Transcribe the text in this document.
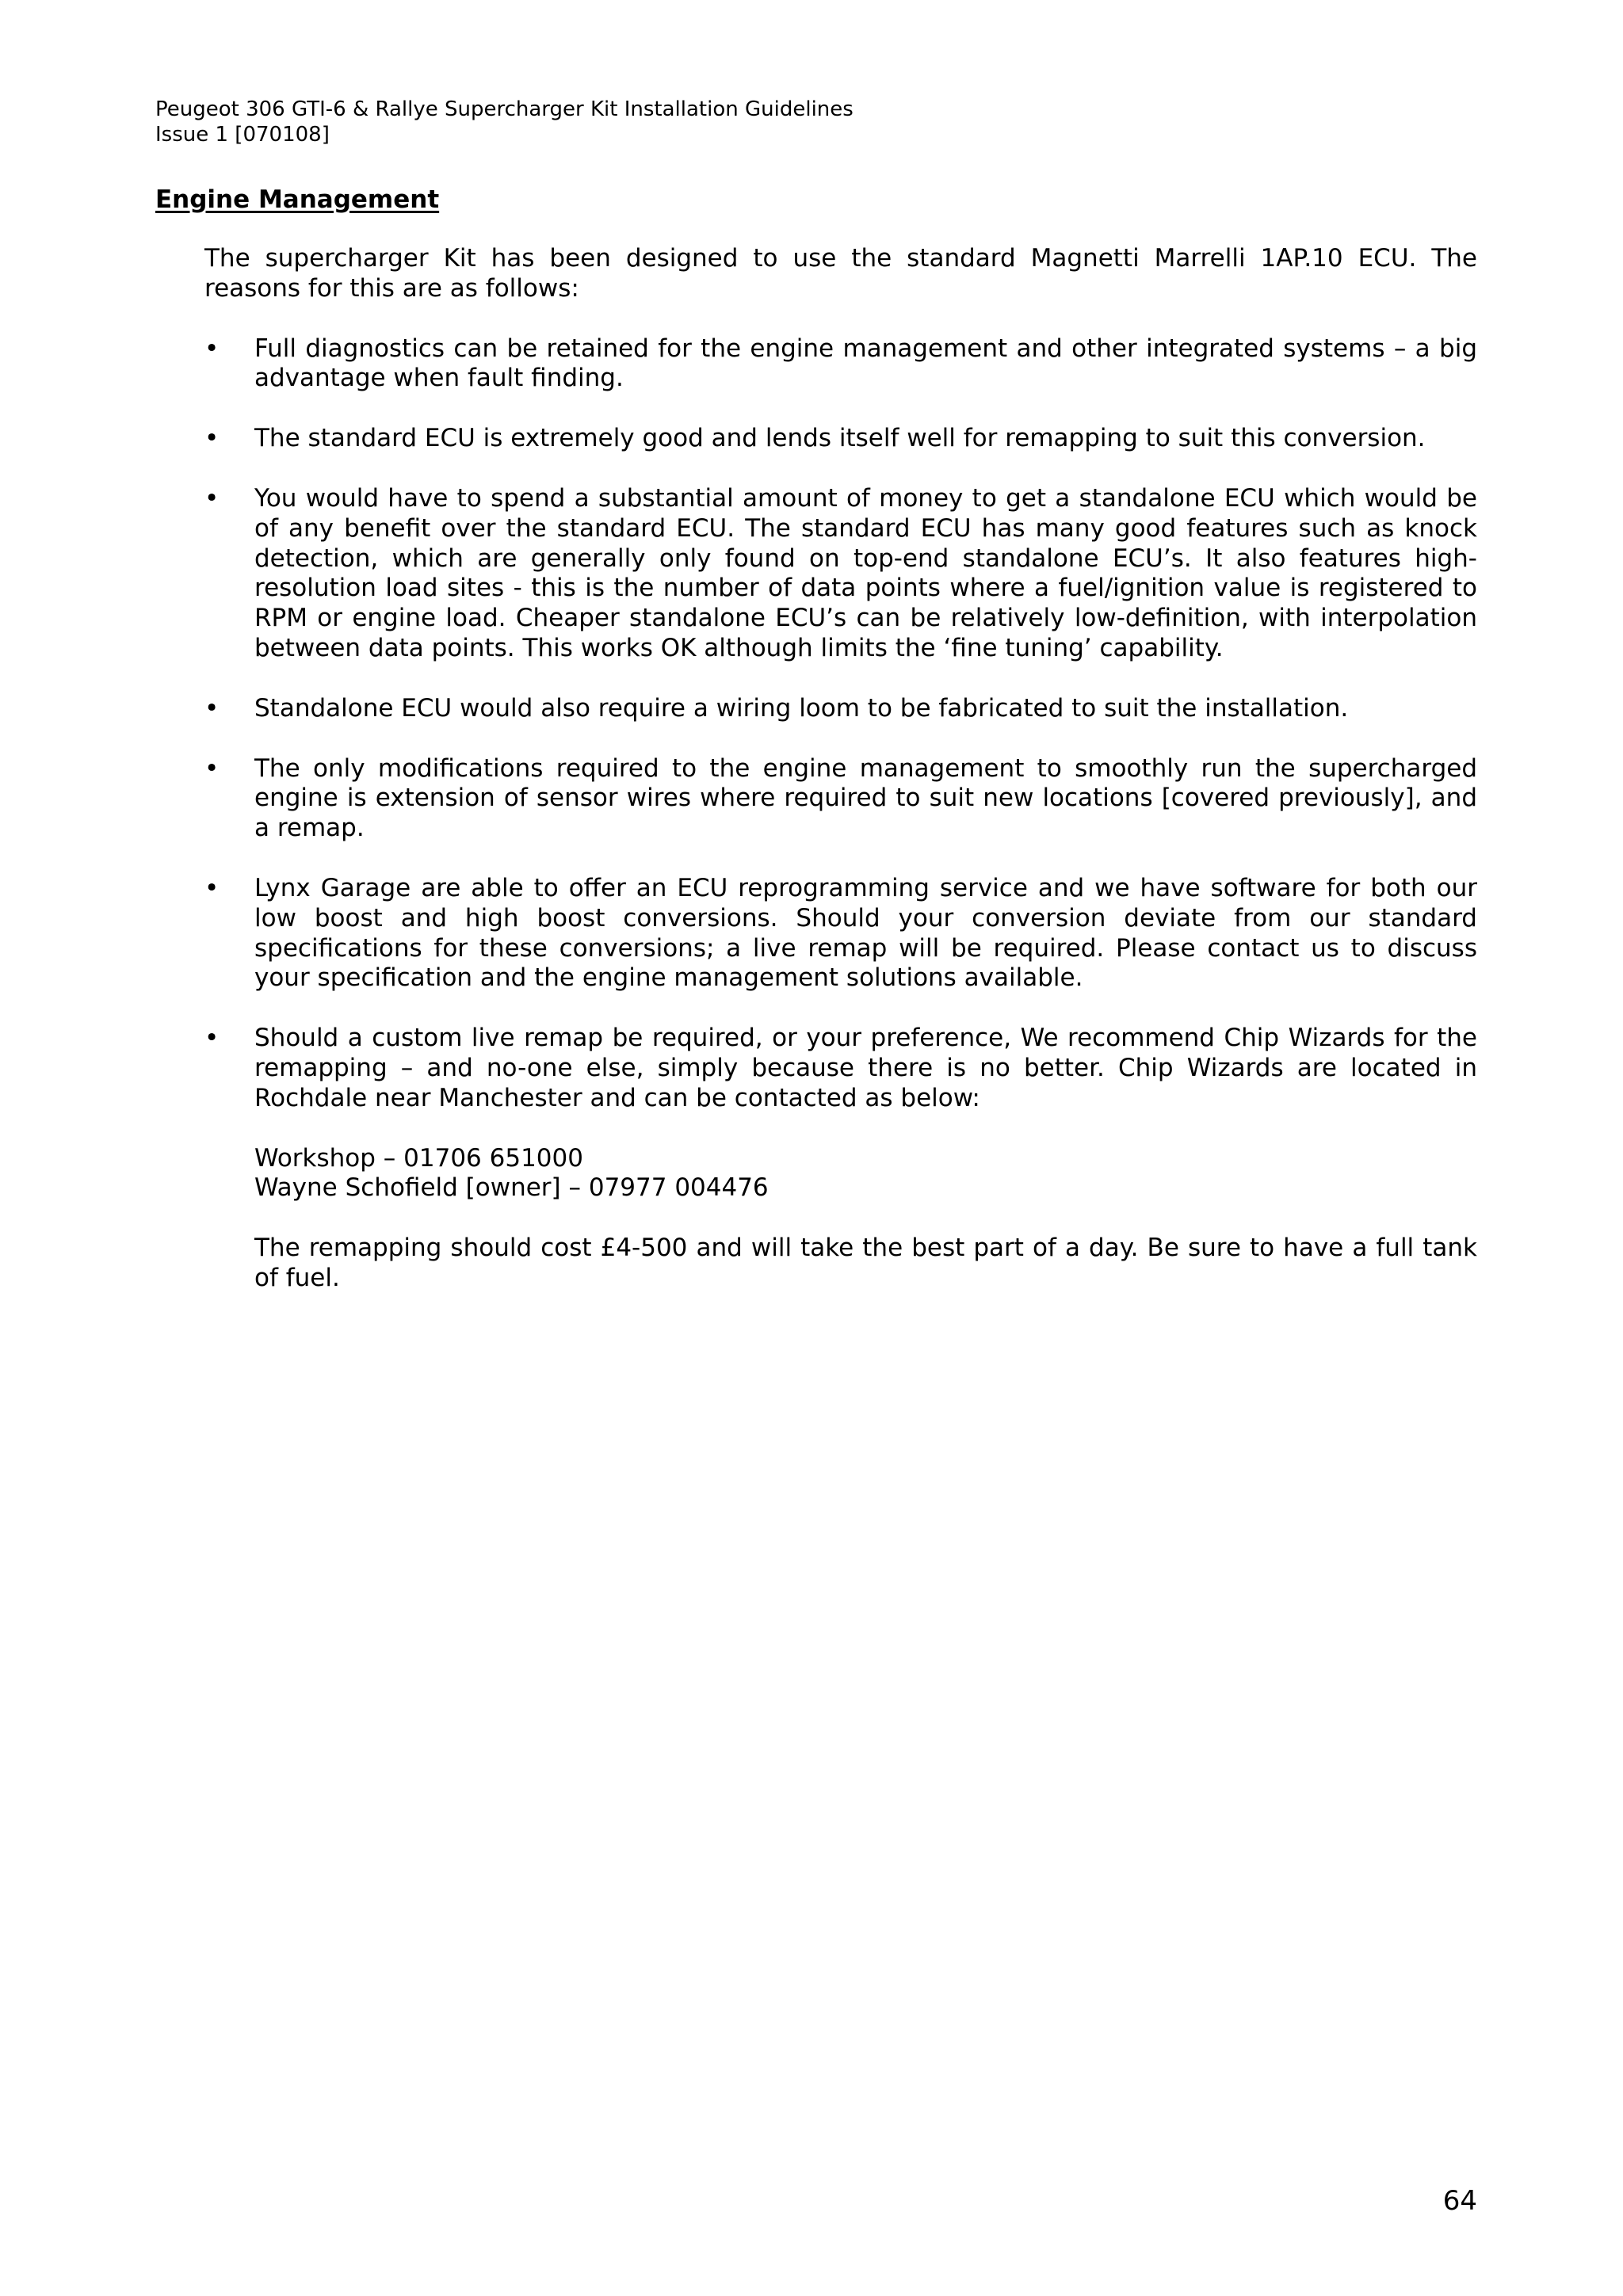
Peugeot 306 GTI-6 & Rallye Supercharger Kit Installation Guidelines
Issue 1 [070108]
Engine Management

The supercharger Kit has been designed to use the standard Magnetti Marrelli 1AP.10 ECU. The reasons for this are as follows:

•	Full diagnostics can be retained for the engine management and other integrated systems – a big advantage when fault finding.
•	The standard ECU is extremely good and lends itself well for remapping to suit this conversion.
•	You would have to spend a substantial amount of money to get a standalone ECU which would be of any benefit over the standard ECU. The standard ECU has many good features such as knock detection, which are generally only found on top-end standalone ECU’s. It also features high-resolution load sites - this is the number of data points where a fuel/ignition value is registered to RPM or engine load. Cheaper standalone ECU’s can be relatively low-definition, with interpolation between data points. This works OK although limits the ‘fine tuning’ capability.
•	Standalone ECU would also require a wiring loom to be fabricated to suit the installation.
•	The only modifications required to the engine management to smoothly run the supercharged engine is extension of sensor wires where required to suit new locations [covered previously], and a remap.
•	Lynx Garage are able to offer an ECU reprogramming service and we have software for both our low boost and high boost conversions. Should your conversion deviate from our standard specifications for these conversions; a live remap will be required. Please contact us to discuss your specification and the engine management solutions available.
•	Should a custom live remap be required, or your preference, We recommend Chip Wizards for the remapping – and no-one else, simply because there is no better. Chip Wizards are located in Rochdale near Manchester and can be contacted as below:
Workshop – 01706 651000
Wayne Schofield [owner] – 07977 004476
The remapping should cost £4-500 and will take the best part of a day. Be sure to have a full tank of fuel.
64
